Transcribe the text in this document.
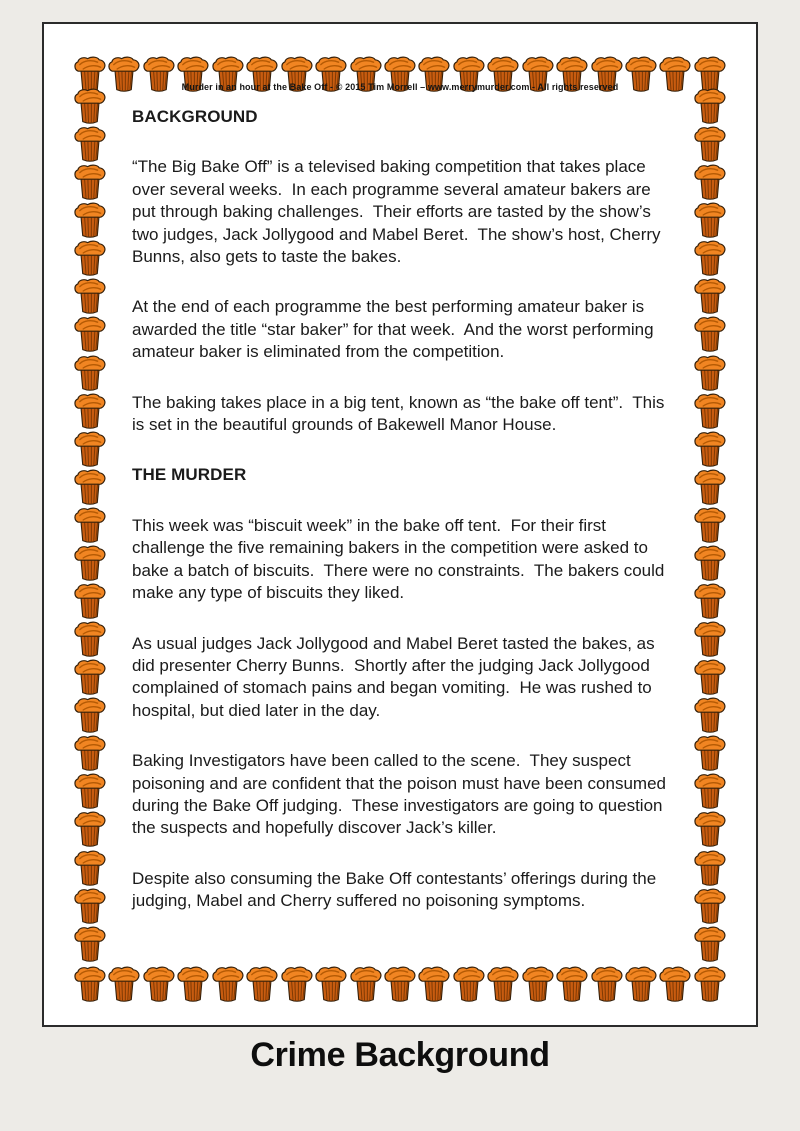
Murder in an hour at the Bake Off - © 2015 Tim Morrell – www.merrymurder.com - All rights reserved
BACKGROUND

“The Big Bake Off” is a televised baking competition that takes place over several weeks.  In each programme several amateur bakers are put through baking challenges.  Their efforts are tasted by the show’s two judges, Jack Jollygood and Mabel Beret.  The show’s host, Cherry Bunns, also gets to taste the bakes.

At the end of each programme the best performing amateur baker is awarded the title “star baker” for that week.  And the worst performing amateur baker is eliminated from the competition.

The baking takes place in a big tent, known as “the bake off tent”.  This is set in the beautiful grounds of Bakewell Manor House.

THE MURDER

This week was “biscuit week” in the bake off tent.  For their first challenge the five remaining bakers in the competition were asked to bake a batch of biscuits.  There were no constraints.  The bakers could make any type of biscuits they liked.

As usual judges Jack Jollygood and Mabel Beret tasted the bakes, as did presenter Cherry Bunns.  Shortly after the judging Jack Jollygood complained of stomach pains and began vomiting.  He was rushed to hospital, but died later in the day.

Baking Investigators have been called to the scene.  They suspect poisoning and are confident that the poison must have been consumed during the Bake Off judging.  These investigators are going to question the suspects and hopefully discover Jack’s killer.

Despite also consuming the Bake Off contestants’ offerings during the judging, Mabel and Cherry suffered no poisoning symptoms.

Crime Background
